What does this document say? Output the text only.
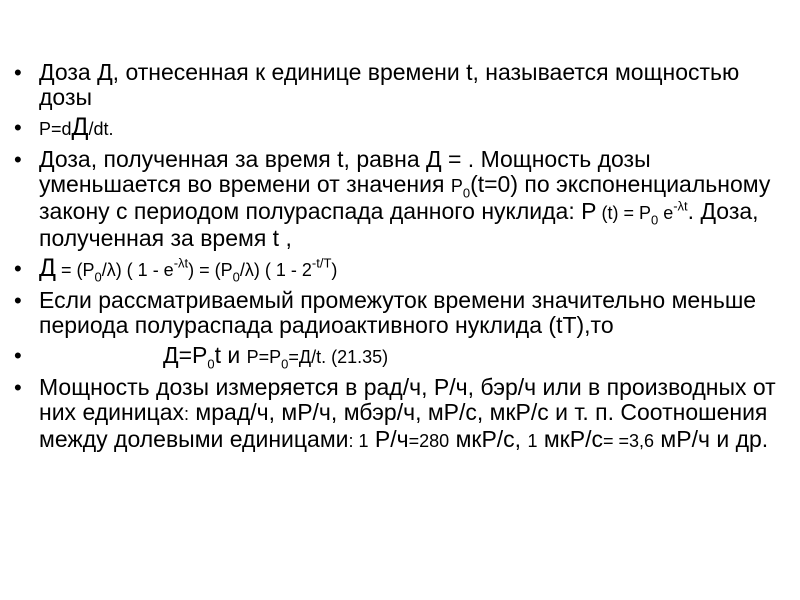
• Доза Д, отнесенная к единице времени t, называется мощностью дозы
• P=dД/dt.
• Доза, полученная за время t, равна Д = . Мощность дозы уменьшается во времени от значения $P_0(t=0)$ по экспоненциальному закону с периодом полураспада данного нуклида: Р $(t) = P_0$ $e^{-\lambda t}$. Доза, полученная за время t ,
• $Д = (P_0/\lambda)$ ( $1 - e^{-\lambda t}) = (P_0/\lambda)$ ( $1 - 2^{-t/T}$)
• Если рассматриваемый промежуток времени значительно меньше периода полураспада радиоактивного нуклида (tT),то
• $Д=P_0t$ и $P=P_0=Д/t$. (21.35)
• Мощность дозы измеряется в рад/ч, Р/ч, бэр/ч или в производных от них единицах: мрад/ч, мР/ч, мбэр/ч, мР/с, мкР/с и т. п. Соотношения между долевыми единицами: 1 Р/ч=280 мкР/с, 1 мкР/с= =3,6 мР/ч и др.
